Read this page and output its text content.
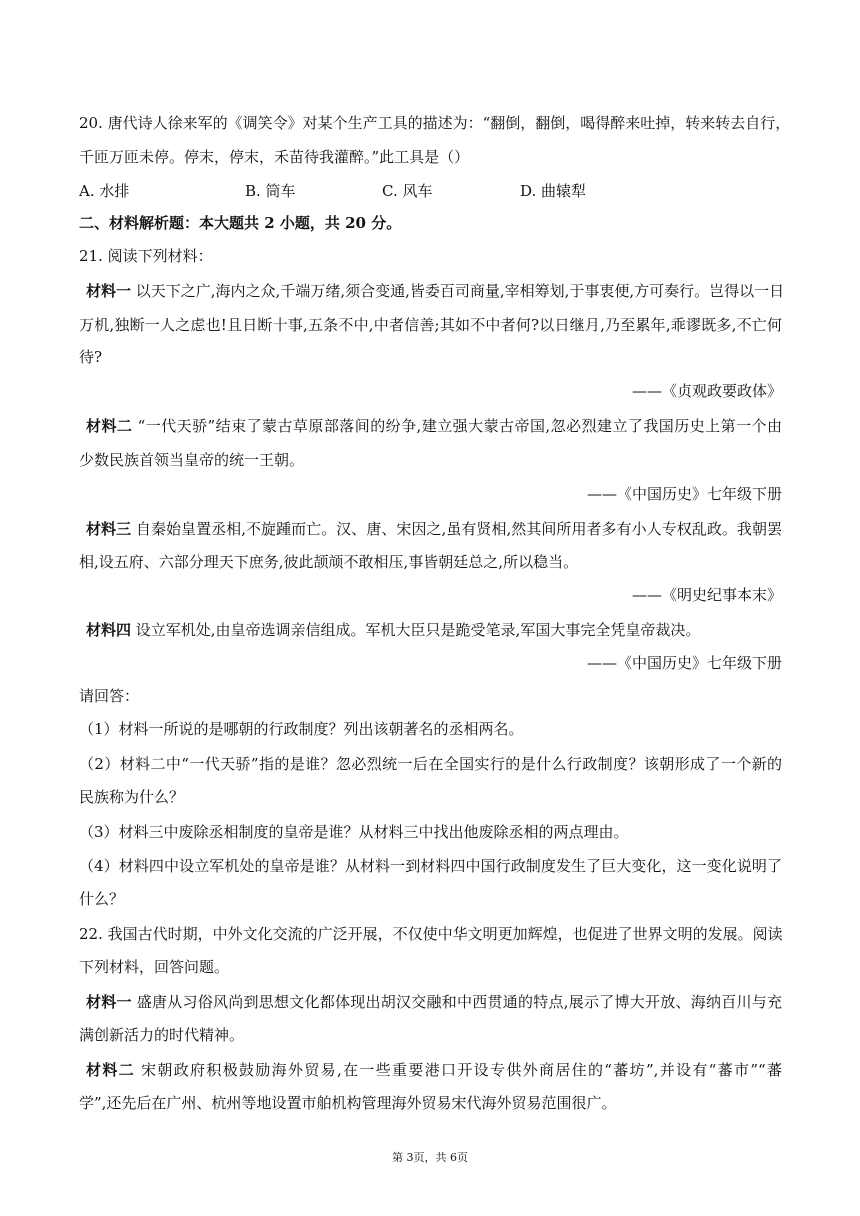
20. 唐代诗人徐来军的《调笑令》对某个生产工具的描述为：“翻倒，翻倒，喝得醉来吐掉，转来转去自行，
千匝万匝未停。停末，停末，禾苗待我灌醉。”此工具是（）
A. 水排	B. 筒车	C. 风车	D. 曲辕犁
二、材料解析题：本大题共 2 小题，共 20 分。
21. 阅读下列材料：
材料一 以天下之广,海内之众,千端万绪,须合变通,皆委百司商量,宰相筹划,于事衷便,方可奏行。岂得以一日
万机,独断一人之虑也!且日断十事,五条不中,中者信善;其如不中者何?以日继月,乃至累年,乖谬既多,不亡何
待?
——《贞观政要政体》
材料二 “一代天骄”结束了蒙古草原部落间的纷争,建立强大蒙古帝国,忽必烈建立了我国历史上第一个由
少数民族首领当皇帝的统一王朝。
——《中国历史》七年级下册
材料三 自秦始皇置丞相,不旋踵而亡。汉、唐、宋因之,虽有贤相,然其间所用者多有小人专权乱政。我朝罢
相,设五府、六部分理天下庶务,彼此颉颃不敢相压,事皆朝廷总之,所以稳当。
——《明史纪事本末》
材料四 设立军机处,由皇帝选调亲信组成。军机大臣只是跪受笔录,军国大事完全凭皇帝裁决。
——《中国历史》七年级下册
请回答：
（1）材料一所说的是哪朝的行政制度？列出该朝著名的丞相两名。
（2）材料二中“一代天骄”指的是谁？忽必烈统一后在全国实行的是什么行政制度？该朝形成了一个新的
民族称为什么？
（3）材料三中废除丞相制度的皇帝是谁？从材料三中找出他废除丞相的两点理由。
（4）材料四中设立军机处的皇帝是谁？从材料一到材料四中国行政制度发生了巨大变化，这一变化说明了
什么？
22. 我国古代时期，中外文化交流的广泛开展，不仅使中华文明更加辉煌，也促进了世界文明的发展。阅读
下列材料，回答问题。
材料一 盛唐从习俗风尚到思想文化都体现出胡汉交融和中西贯通的特点,展示了博大开放、海纳百川与充
满创新活力的时代精神。
材料二 宋朝政府积极鼓励海外贸易,在一些重要港口开设专供外商居住的“蕃坊”,并设有“蕃市”“蕃
学”,还先后在广州、杭州等地设置市舶机构管理海外贸易宋代海外贸易范围很广。
第 3页，共 6页
